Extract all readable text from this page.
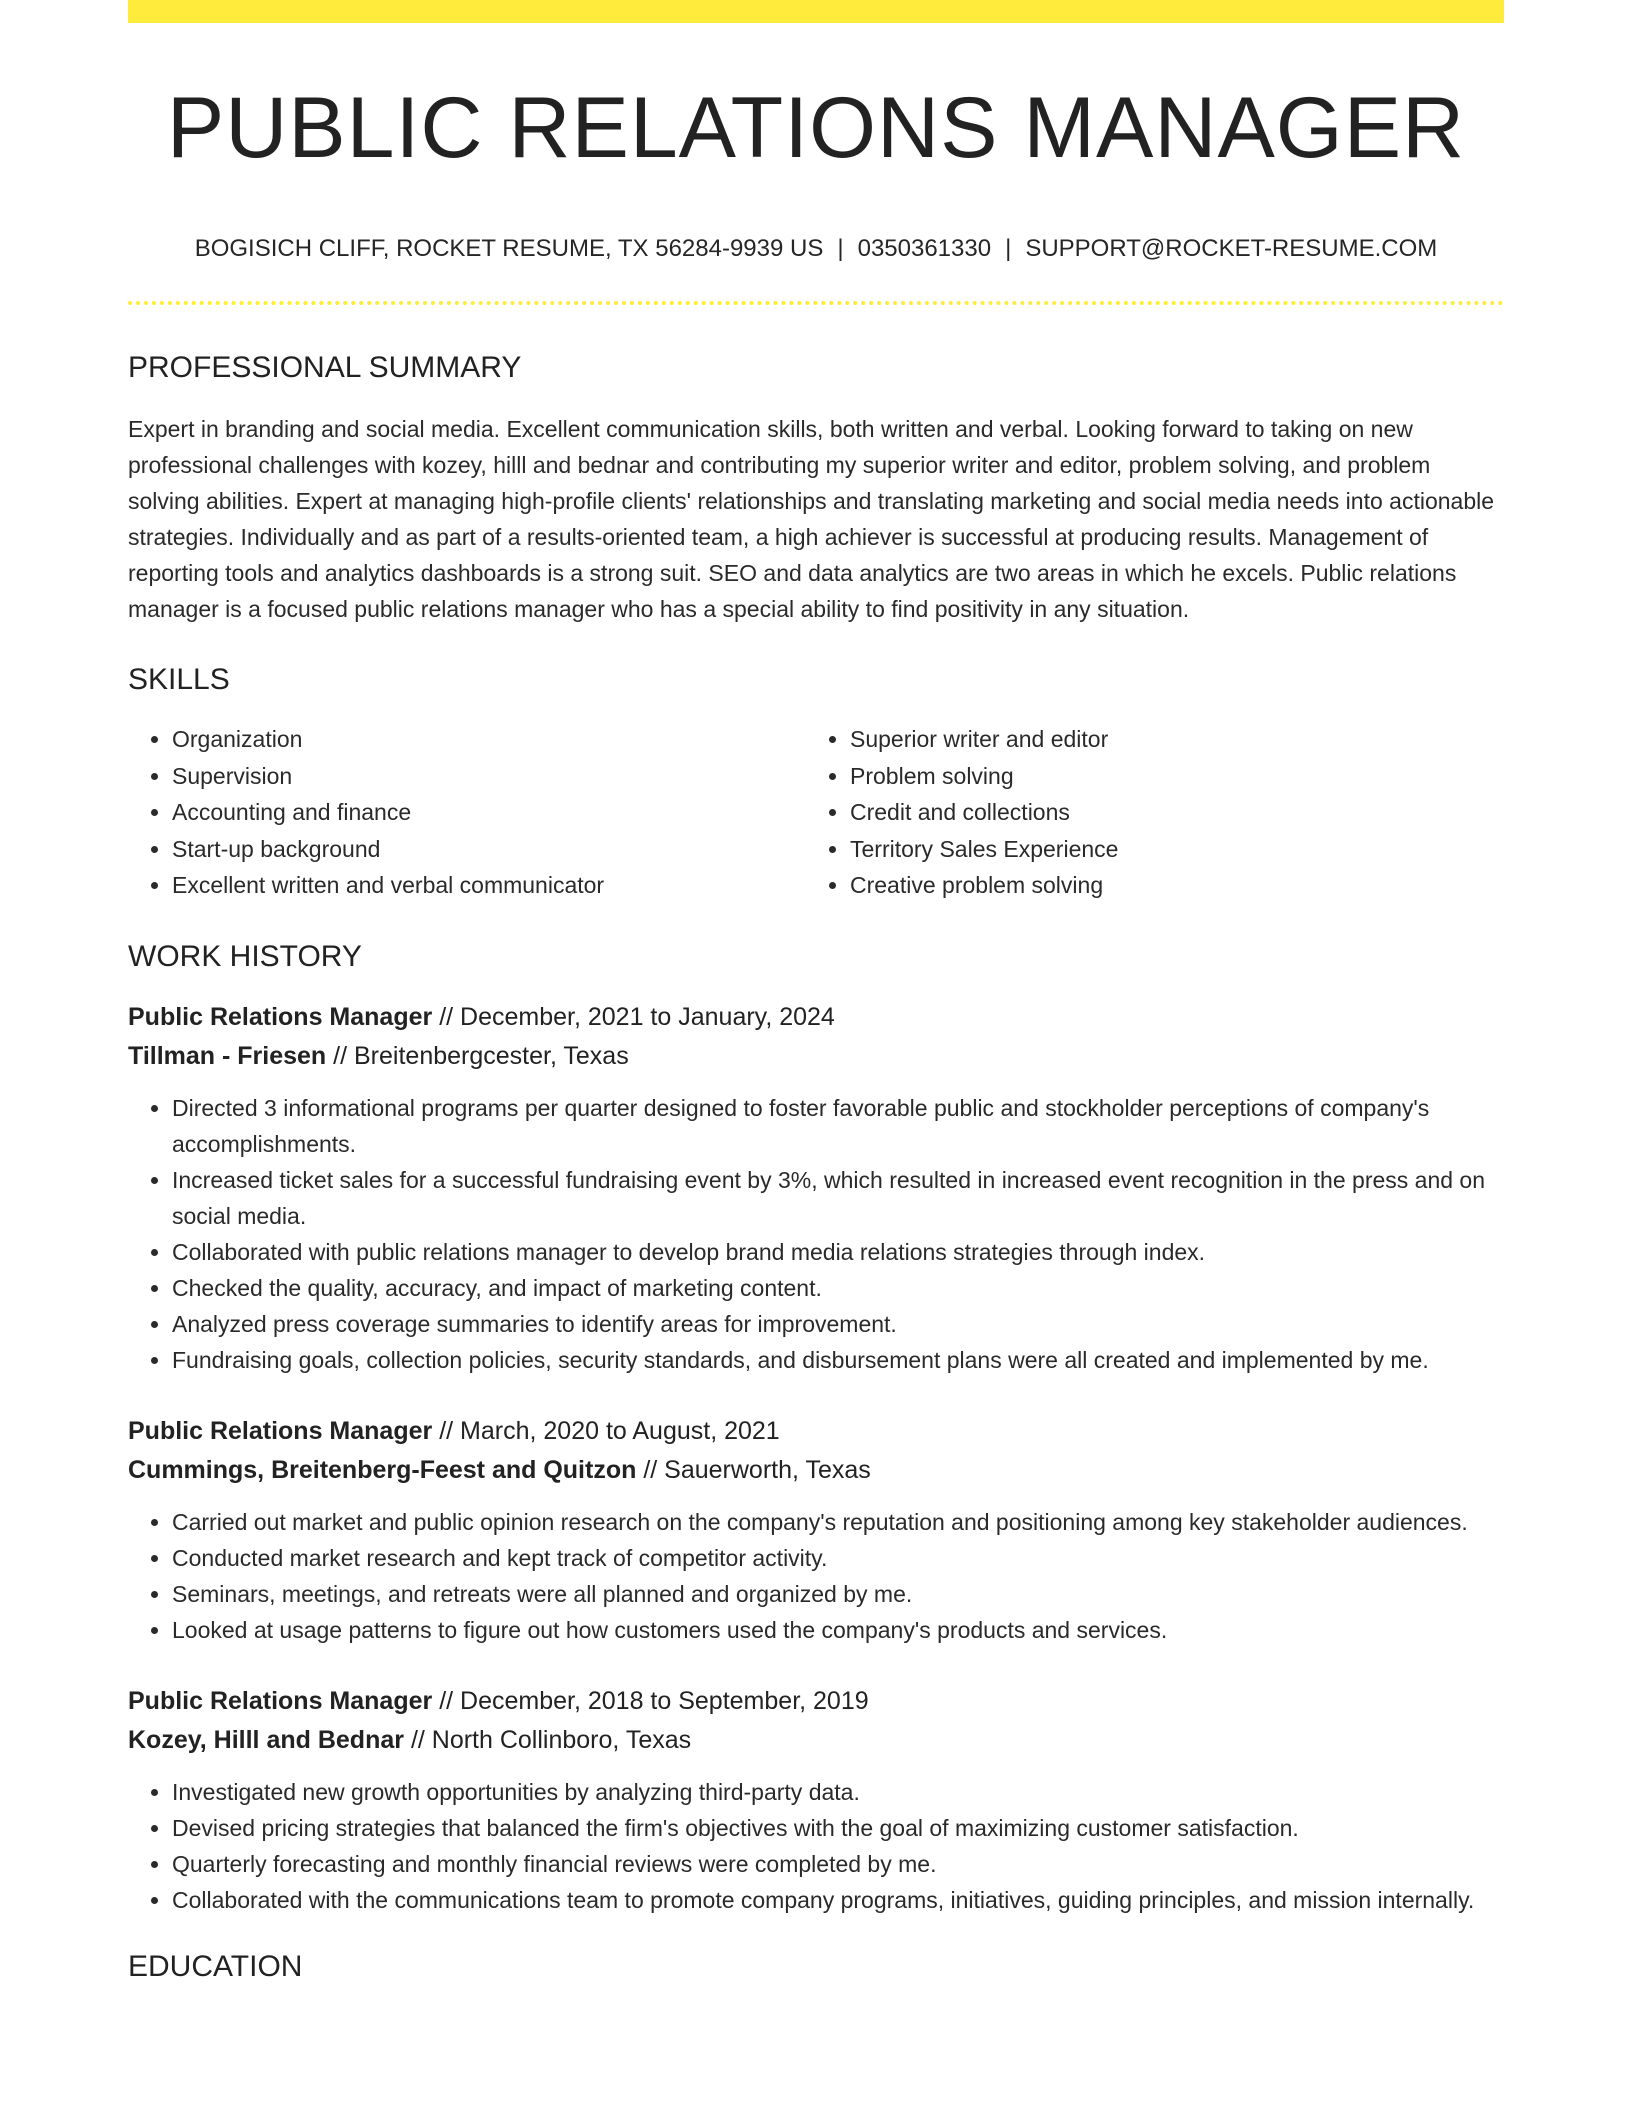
PUBLIC RELATIONS MANAGER
BOGISICH CLIFF, ROCKET RESUME, TX 56284-9939 US | 0350361330 | SUPPORT@ROCKET-RESUME.COM
PROFESSIONAL SUMMARY

Expert in branding and social media. Excellent communication skills, both written and verbal. Looking forward to taking on new professional challenges with kozey, hilll and bednar and contributing my superior writer and editor, problem solving, and problem solving abilities. Expert at managing high-profile clients' relationships and translating marketing and social media needs into actionable strategies. Individually and as part of a results-oriented team, a high achiever is successful at producing results. Management of reporting tools and analytics dashboards is a strong suit. SEO and data analytics are two areas in which he excels. Public relations manager is a focused public relations manager who has a special ability to find positivity in any situation.

SKILLS
• Organization
• Supervision
• Accounting and finance
• Start-up background
• Excellent written and verbal communicator
• Superior writer and editor
• Problem solving
• Credit and collections
• Territory Sales Experience
• Creative problem solving
WORK HISTORY
Public Relations Manager // December, 2021 to January, 2024
Tillman - Friesen // Breitenbergcester, Texas
• Directed 3 informational programs per quarter designed to foster favorable public and stockholder perceptions of company's accomplishments.
• Increased ticket sales for a successful fundraising event by 3%, which resulted in increased event recognition in the press and on social media.
• Collaborated with public relations manager to develop brand media relations strategies through index.
• Checked the quality, accuracy, and impact of marketing content.
• Analyzed press coverage summaries to identify areas for improvement.
• Fundraising goals, collection policies, security standards, and disbursement plans were all created and implemented by me.
Public Relations Manager // March, 2020 to August, 2021
Cummings, Breitenberg-Feest and Quitzon // Sauerworth, Texas
• Carried out market and public opinion research on the company's reputation and positioning among key stakeholder audiences.
• Conducted market research and kept track of competitor activity.
• Seminars, meetings, and retreats were all planned and organized by me.
• Looked at usage patterns to figure out how customers used the company's products and services.
Public Relations Manager // December, 2018 to September, 2019
Kozey, Hilll and Bednar // North Collinboro, Texas
• Investigated new growth opportunities by analyzing third-party data.
• Devised pricing strategies that balanced the firm's objectives with the goal of maximizing customer satisfaction.
• Quarterly forecasting and monthly financial reviews were completed by me.
• Collaborated with the communications team to promote company programs, initiatives, guiding principles, and mission internally.
EDUCATION
